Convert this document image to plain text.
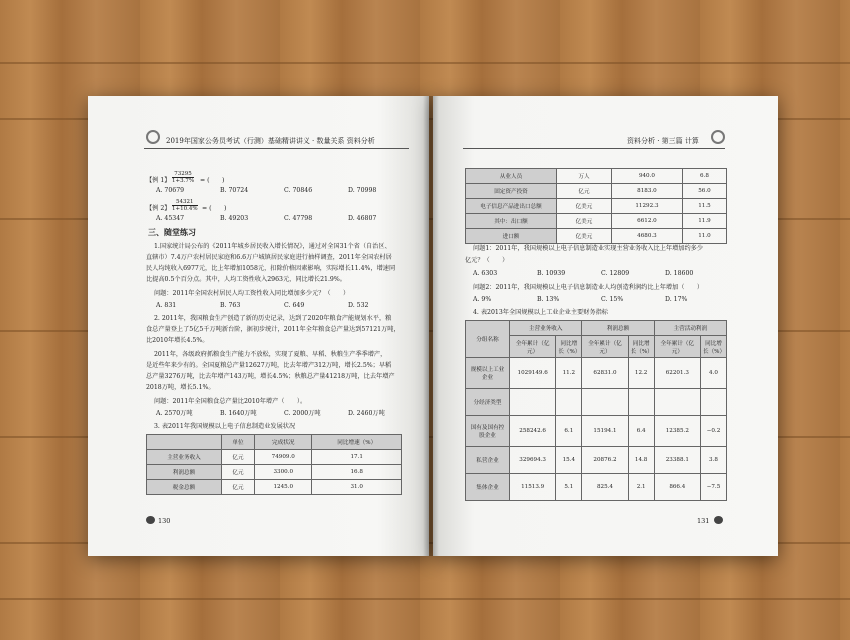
2019年国家公务员考试（行测）基础精讲讲义 · 数量关系 资料分析
【例 1】 $\frac{73295}{1+3.7\%}$ = (　　)
A. 70679	B. 70724	C. 70846	D. 70998
【例 2】 $\frac{54321}{1+10.4\%}$ = (　　)
A. 45347	B. 49203	C. 47798	D. 46807
三、随堂练习
1.国家统计局公布的《2011年城乡居民收入增长情况》，通过对全国31个省（自治区、
直辖市）7.4万户农村居民家庭和6.6万户城镇居民家庭进行抽样调查，2011年全国农村居
民人均纯收入6977元，比上年增加1058元，扣除价格因素影响，实际增长11.4%，增速同
比提高0.5个百分点。其中，人均工资性收入2963元，同比增长21.9%。
问题：2011年全国农村居民人均工资性收入同比增加多少元？（　　）
A. 831	B. 763	C. 649	D. 532
2. 2011年，我国粮食生产创造了新的历史记录，达到了2020年粮食产能规划水平，粮
食总产量登上了5亿5千万吨新台阶，据初步统计，2011年全年粮食总产量达到57121万吨，
比2010年增长4.5%。
2011年，各级政府抓粮食生产能力不放松，实现了夏粮、早稻、秋粮生产季季增产，
是近些年来少有的。全国夏粮总产量12627万吨，比去年增产312万吨，增长2.5%；早稻
总产量3276万吨，比去年增产143万吨，增长4.5%；秋粮总产量41218万吨，比去年增产
2018万吨，增长5.1%。
问题：2011年全国粮食总产量比2010年增产（　　）。
A. 2570万吨	B. 1640万吨	C. 2000万吨	D. 2460万吨
3. 表2011年我国规模以上电子信息制造业发展状况
	单位	完成状况	同比增速（%）
主营业务收入	亿元	74909.0	17.1
利润总额	亿元	3300.0	16.8
税金总额	亿元	1245.0	31.0
130
资料分析 · 第三篇 计算
从业人员	万人	940.0	6.8
固定资产投资	亿元	8183.0	56.0
电子信息产品进出口总额	亿美元	11292.3	11.5
其中：出口额	亿美元	6612.0	11.9
进口额	亿美元	4680.3	11.0
问题1：2011年，我国规模以上电子信息制造业实现主营业务收入比上年增加约多少
亿元？（　　）
A. 6303	B. 10939	C. 12809	D. 18600
问题2：2011年，我国规模以上电子信息制造业人均创造利润约比上年增加（　　）
A. 9%	B. 13%	C. 15%	D. 17%
4. 表2013年全国规模以上工业企业主要财务指标
分组名称	主营业务收入		利润总额		主营活动利润	
	全年累计（亿元）	同比增长（%）	全年累计（亿元）	同比增长（%）	全年累计（亿元）	同比增长（%）
规模以上工业企业	1029149.6	11.2	62831.0	12.2	62201.3	4.0
分经济类型						
国有及国有控股企业	258242.6	6.1	15194.1	6.4	12385.2	−0.2
私营企业	329694.3	15.4	20876.2	14.8	23388.1	3.8
集体企业	11513.9	5.1	825.4	2.1	866.4	−7.5
131
